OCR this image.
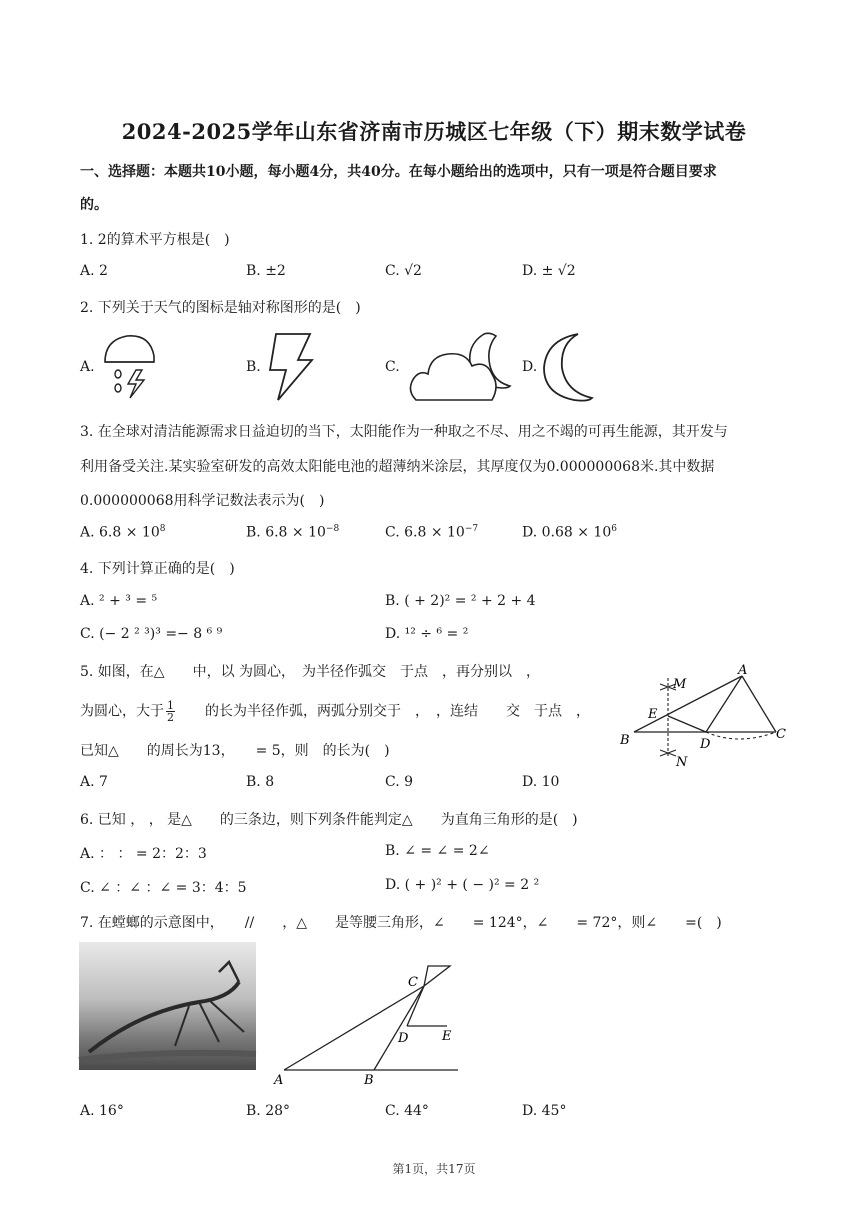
2024-2025学年山东省济南市历城区七年级（下）期末数学试卷
一、选择题：本题共10小题，每小题4分，共40分。在每小题给出的选项中，只有一项是符合题目要求
的。
1. 2的算术平方根是(　)
A. 2	B. ±2	C. √2	D. ± √2
2. 下列关于天气的图标是轴对称图形的是(　)
A.	B.	C.	D.
3. 在全球对清洁能源需求日益迫切的当下，太阳能作为一种取之不尽、用之不竭的可再生能源，其开发与
利用备受关注.某实验室研发的高效太阳能电池的超薄纳米涂层，其厚度仅为0.000000068米.其中数据
0.000000068用科学记数法表示为(　)
A. $6.8 \times 10^8$	B. $6.8 \times 10^{-8}$	C. $6.8 \times 10^{-7}$	D. $0.68 \times 10^6$
4. 下列计算正确的是(　)
A. ² + ³ = ⁵	B. ( + 2)² = ² + 2 + 4
C. (− 2 ² ³)³ =− 8 ⁶ ⁹	D. ¹² ÷ ⁶ = ²
5. 如图，在△　　中，以 为圆心，　为半径作弧交　于点　，再分别以　，
为圆心，大于 $\frac{1}{2}$ 　　的长为半径作弧，两弧分别交于　，　，连结　　交　于点　，
已知△　　的周长为13，　　= 5，则　的长为(　)
A. 7	B. 8	C. 9	D. 10
A
M
E
B	D
C
N
6. 已知 ， ， 是△　　的三条边，则下列条件能判定△　　为直角三角形的是(　)
A. ： ： = 2：2：3	B. ∠ = ∠ = 2∠
C. ∠ ：∠ ：∠ = 3：4：5	D. ( + )² + ( − )² = 2 ²
7. 在螳螂的示意图中，　　//　　，△　　是等腰三角形，∠　　= 124°，∠　　= 72°，则∠　　=(　)
C
D	E
A	B
A. 16°	B. 28°	C. 44°	D. 45°
第1页，共17页
